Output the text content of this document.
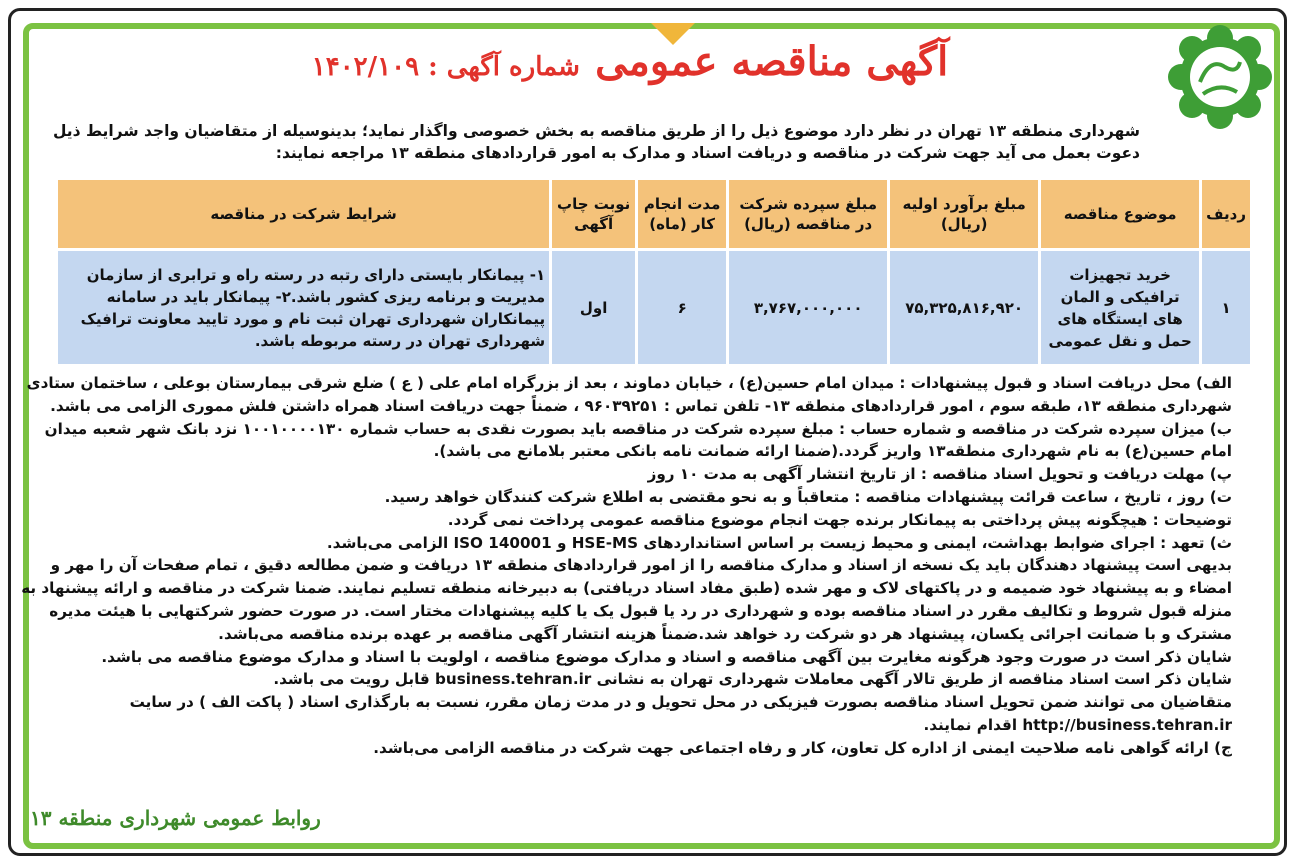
آگهی مناقصه عمومی شماره آگهی : ۱۴۰۲/۱۰۹
شهرداری منطقه ۱۳ تهران در نظر دارد موضوع ذیل را از طریق مناقصه به بخش خصوصی واگذار نماید؛ بدینوسیله از متقاضیان واجد شرایط ذیل دعوت بعمل می آید جهت شرکت در مناقصه و دریافت اسناد و مدارک به امور قراردادهای منطقه ۱۳ مراجعه نمایند:
ردیف	موضوع مناقصه	مبلغ برآورد اولیه (ریال)	مبلغ سپرده شرکت در مناقصه (ریال)	مدت انجام کار (ماه)	نوبت چاپ آگهی	شرایط شرکت در مناقصه
۱	خرید تجهیزات ترافیکی و المان های ایستگاه های حمل و نقل عمومی	۷۵,۳۲۵,۸۱۶,۹۲۰	۳,۷۶۷,۰۰۰,۰۰۰	۶	اول	۱- پیمانکار بایستی دارای رتبه در رسته راه و ترابری از سازمان مدیریت و برنامه ریزی کشور باشد.۲- پیمانکار باید در سامانه پیمانکاران شهرداری تهران ثبت نام و مورد تایید معاونت ترافیک شهرداری تهران در رسته مربوطه باشد.

الف) محل دریافت اسناد و قبول پیشنهادات : میدان امام حسین(ع) ، خیابان دماوند ، بعد از بزرگراه امام علی ( ع ) ضلع شرقی بیمارستان بوعلی ، ساختمان ستادی شهرداری منطقه ۱۳، طبقه سوم ، امور قراردادهای منطقه ۱۳- تلفن تماس : ۹۶۰۳۹۲۵۱ ، ضمناً جهت دریافت اسناد همراه داشتن فلش مموری الزامی می باشد.

ب) میزان سپرده شرکت در مناقصه و شماره حساب : مبلغ سپرده شرکت در مناقصه باید بصورت نقدی به حساب شماره ۱۰۰۱۰۰۰۰۱۳۰ نزد بانک شهر شعبه میدان امام حسین(ع) به نام شهرداری منطقه۱۳ واریز گردد.(ضمنا ارائه ضمانت نامه بانکی معتبر بلامانع می باشد).

پ) مهلت دریافت و تحویل اسناد مناقصه : از تاریخ انتشار آگهی به مدت ۱۰ روز

ت) روز ، تاریخ ، ساعت قرائت پیشنهادات مناقصه : متعاقباً و به نحو مقتضی به اطلاع شرکت کنندگان خواهد رسید.

توضیحات : هیچگونه پیش پرداختی به پیمانکار برنده جهت انجام موضوع مناقصه عمومی پرداخت نمی گردد.

ث) تعهد : اجرای ضوابط بهداشت، ایمنی و محیط زیست بر اساس استانداردهای HSE-MS و ISO 140001 الزامی می‌باشد.

بدیهی است پیشنهاد دهندگان باید یک نسخه از اسناد و مدارک مناقصه را از امور قراردادهای منطقه ۱۳ دریافت و ضمن مطالعه دقیق ، تمام صفحات آن را مهر و امضاء و به پیشنهاد خود ضمیمه و در پاکتهای لاک و مهر شده (طبق مفاد اسناد دریافتی) به دبیرخانه منطقه تسلیم نمایند. ضمنا شرکت در مناقصه و ارائه پیشنهاد به منزله قبول شروط و تکالیف مقرر در اسناد مناقصه بوده و شهرداری در رد یا قبول یک یا کلیه پیشنهادات مختار است. در صورت حضور شرکتهایی با هیئت مدیره مشترک و با ضمانت اجرائی یکسان، پیشنهاد هر دو شرکت رد خواهد شد.ضمناً هزینه انتشار آگهی مناقصه بر عهده برنده مناقصه می‌باشد.

شایان ذکر است در صورت وجود هرگونه مغایرت بین آگهی مناقصه و اسناد و مدارک موضوع مناقصه ، اولویت با اسناد و مدارک موضوع مناقصه می باشد.

شایان ذکر است اسناد مناقصه از طریق تالار آگهی معاملات شهرداری تهران به نشانی business.tehran.ir قابل رویت می باشد.

متقاضیان می توانند ضمن تحویل اسناد مناقصه بصورت فیزیکی در محل تحویل و در مدت زمان مقرر، نسبت به بارگذاری اسناد ( پاکت الف ) در سایت http://business.tehran.ir اقدام نمایند.

ج) ارائه گواهی نامه صلاحیت ایمنی از اداره کل تعاون، کار و رفاه اجتماعی جهت شرکت در مناقصه الزامی می‌باشد.

روابط عمومی شهرداری منطقه ۱۳
